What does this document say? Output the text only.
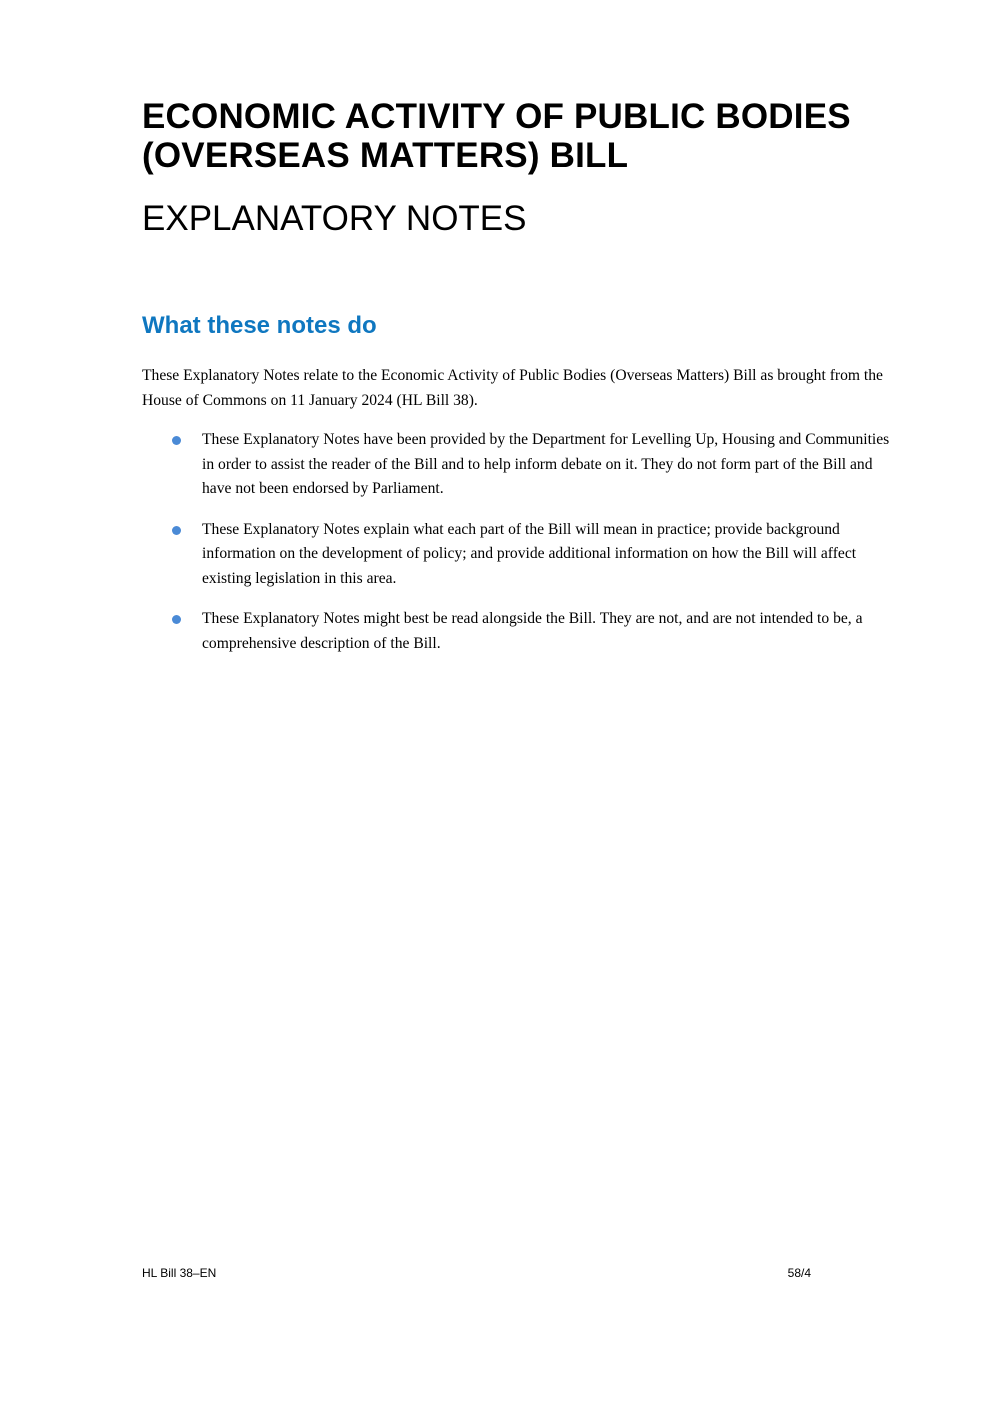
ECONOMIC ACTIVITY OF PUBLIC BODIES
(OVERSEAS MATTERS) BILL
EXPLANATORY NOTES
What these notes do

These Explanatory Notes relate to the Economic Activity of Public Bodies (Overseas Matters) Bill as brought from the House of Commons on 11 January 2024 (HL Bill 38).

These Explanatory Notes have been provided by the Department for Levelling Up, Housing and Communities in order to assist the reader of the Bill and to help inform debate on it. They do not form part of the Bill and have not been endorsed by Parliament.
These Explanatory Notes explain what each part of the Bill will mean in practice; provide background information on the development of policy; and provide additional information on how the Bill will affect existing legislation in this area.
These Explanatory Notes might best be read alongside the Bill. They are not, and are not intended to be, a comprehensive description of the Bill.
HL Bill 38–EN	58/4
